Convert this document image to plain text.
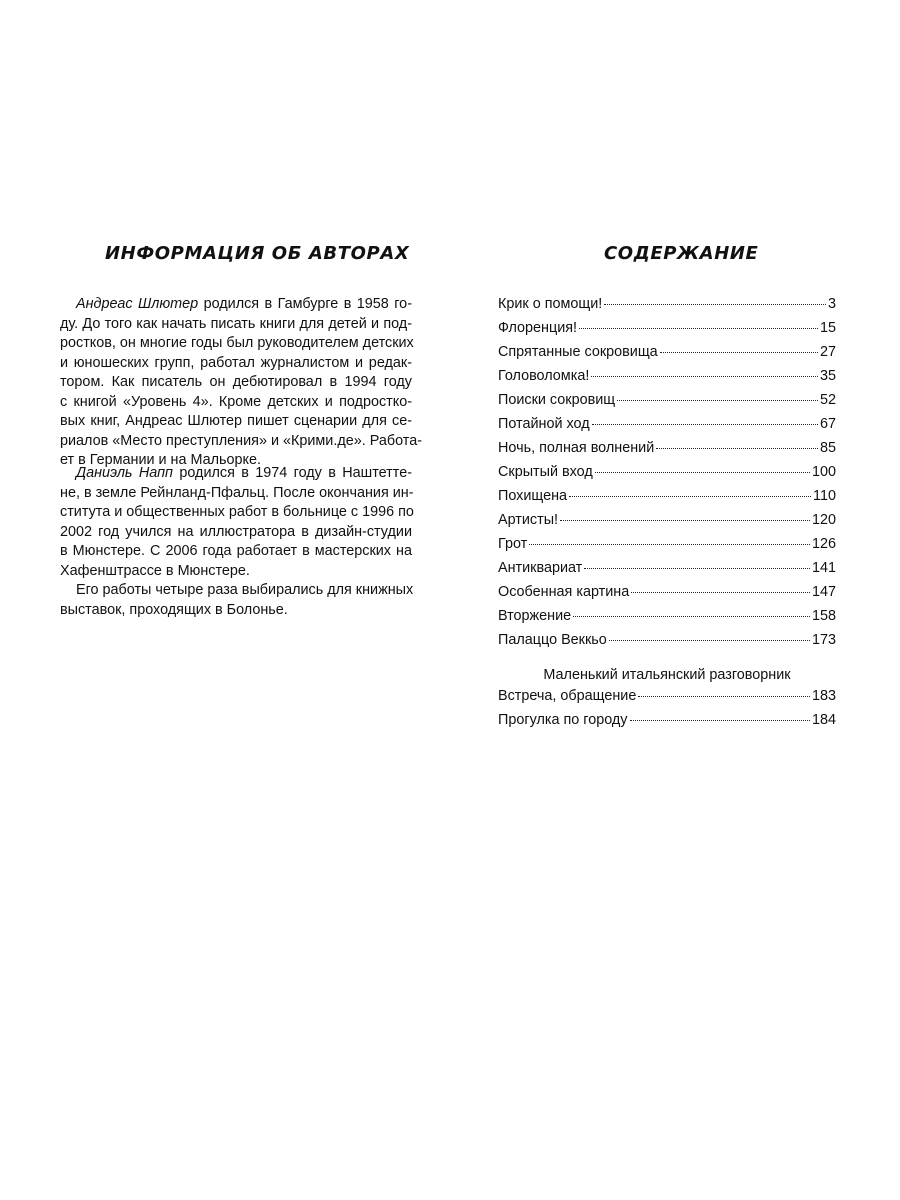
ИНФОРМАЦИЯ ОБ АВТОРАХ	СОДЕРЖАНИЕ
Андреас Шлютер родился в Гамбурге в 1958 го-
ду. До того как начать писать книги для детей и под-
ростков, он многие годы был руководителем детских
и юношеских групп, работал журналистом и редак-
тором. Как писатель он дебютировал в 1994 году
с книгой «Уровень 4». Кроме детских и подростко-
вых книг, Андреас Шлютер пишет сценарии для се-
риалов «Место преступления» и «Крими.де». Работа-
ет в Германии и на Мальорке.
Даниэль Напп родился в 1974 году в Наштетте-
не, в земле Рейнланд-Пфальц. После окончания ин-
ститута и общественных работ в больнице с 1996 по
2002 год учился на иллюстратора в дизайн-студии
в Мюнстере. С 2006 года работает в мастерских на
Хафенштрассе в Мюнстере.
Его работы четыре раза выбирались для книжных
выставок, проходящих в Болонье.
Крик о помощи!	3
Флоренция!	15
Спрятанные сокровища	27
Головоломка!	35
Поиски сокровищ	52
Потайной ход	67
Ночь, полная волнений	85
Скрытый вход	100
Похищена	110
Артисты!	120
Грот	126
Антиквариат	141
Особенная картина	147
Вторжение	158
Палаццо Веккьо	173
Маленький итальянский разговорник
Встреча, обращение	183
Прогулка по городу	184
